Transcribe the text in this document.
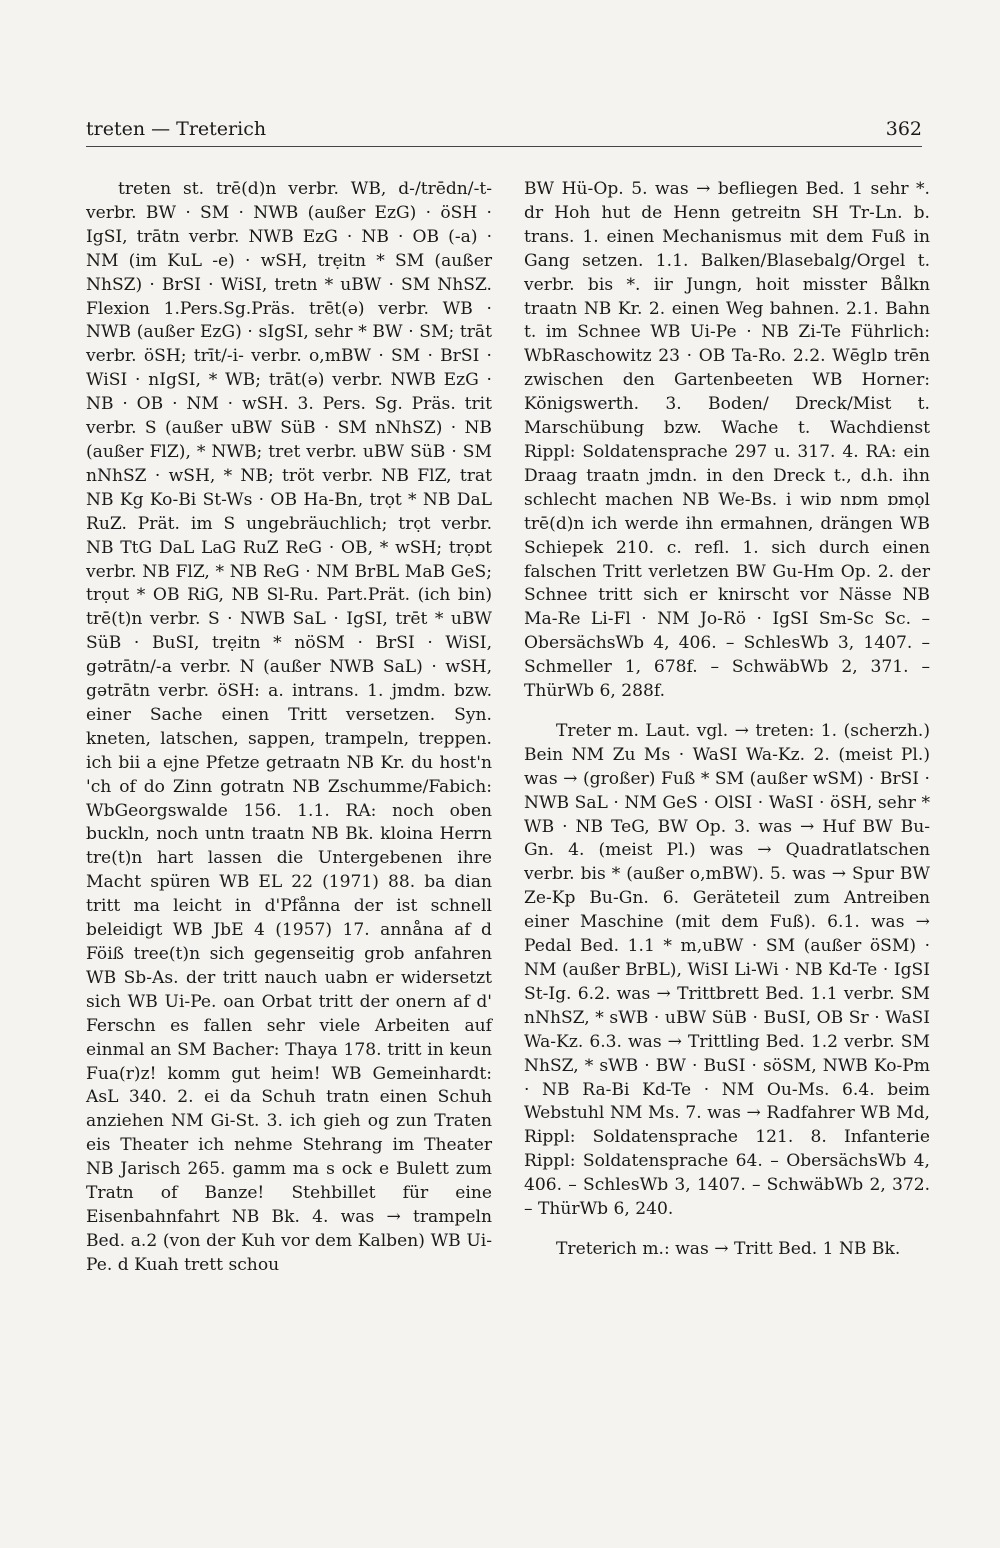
treten — Treterich	362

treten st. trē(d)n verbr. WB, d-/trēdn/-t-verbr. BW · SM · NWB (außer EzG) · öSH · IgSI, trātn verbr. NWB EzG · NB · OB (-a) · NM (im KuL -e) · wSH, trẹitn * SM (außer NhSZ) · BrSI · WiSI, tretn * uBW · SM NhSZ. Flexion 1.Pers.Sg.Präs. trēt(ə) verbr. WB · NWB (außer EzG) · sIgSI, sehr * BW · SM; trāt verbr. öSH; trīt/-i- verbr. o,mBW · SM · BrSI · WiSI · nIgSI, * WB; trāt(ə) verbr. NWB EzG · NB · OB · NM · wSH. 3. Pers. Sg. Präs. trit verbr. S (außer uBW SüB · SM nNhSZ) · NB (außer FlZ), * NWB; tret verbr. uBW SüB · SM nNhSZ · wSH, * NB; tröt verbr. NB FlZ, trat NB Kg Ko-Bi St-Ws · OB Ha-Bn, trọt * NB DaL RuZ. Prät. im S ungebräuchlich; trọt verbr. NB TtG DaL LaG RuZ ReG · OB, * wSH; trọɒt verbr. NB FlZ, * NB ReG · NM BrBL MaB GeS; trọut * OB RiG, NB Sl-Ru. Part.Prät. (ich bin) trē(t)n verbr. S · NWB SaL · IgSI, trēt * uBW SüB · BuSI, trẹitn * nöSM · BrSI · WiSI, gətrātn/-a verbr. N (außer NWB SaL) · wSH, gətrātn verbr. öSH: a. intrans. 1. jmdm. bzw. einer Sache einen Tritt versetzen. Syn. kneten, latschen, sappen, trampeln, treppen. ich bii a ejne Pfetze getraatn NB Kr. du host'n 'ch of do Zinn gotratn NB Zschumme/Fabich: WbGeorgswalde 156. 1.1. RA: noch oben buckln, noch untn traatn NB Bk. kloina Herrn tre(t)n hart lassen die Untergebenen ihre Macht spüren WB EL 22 (1971) 88. ba dian tritt ma leicht in d'Pfånna der ist schnell beleidigt WB JbE 4 (1957) 17. annåna af d Föiß tree(t)n sich gegenseitig grob anfahren WB Sb-As. der tritt nauch uabn er widersetzt sich WB Ui-Pe. oan Orbat tritt der onern af d' Ferschn es fallen sehr viele Arbeiten auf einmal an SM Bacher: Thaya 178. tritt in keun Fua(r)z! komm gut heim! WB Gemeinhardt: AsL 340. 2. ei da Schuh tratn einen Schuh anziehen NM Gi-St. 3. ich gieh og zun Traten eis Theater ich nehme Stehrang im Theater NB Jarisch 265. gamm ma s ock e Bulett zum Tratn of Banze! Stehbillet für eine Eisenbahnfahrt NB Bk. 4. was → trampeln Bed. a.2 (von der Kuh vor dem Kalben) WB Ui-Pe. d Kuah trett schou

BW Hü-Op. 5. was → befliegen Bed. 1 sehr *. dr Hoh hut de Henn getreitn SH Tr-Ln. b. trans. 1. einen Mechanismus mit dem Fuß in Gang setzen. 1.1. Balken/Blasebalg/Orgel t. verbr. bis *. iir Jungn, hoit misster Bålkn traatn NB Kr. 2. einen Weg bahnen. 2.1. Bahn t. im Schnee WB Ui-Pe · NB Zi-Te Führlich: WbRaschowitz 23 · OB Ta-Ro. 2.2. Wēglɒ trēn zwischen den Gartenbeeten WB Horner: Königswerth. 3. Boden/ Dreck/Mist t. Marschübung bzw. Wache t. Wachdienst Rippl: Soldatensprache 297 u. 317. 4. RA: ein Draag traatn jmdn. in den Dreck t., d.h. ihn schlecht machen NB We-Bs. i wiɒ nɒm ɒmọl trē(d)n ich werde ihn ermahnen, drängen WB Schiepek 210. c. refl. 1. sich durch einen falschen Tritt verletzen BW Gu-Hm Op. 2. der Schnee tritt sich er knirscht vor Nässe NB Ma-Re Li-Fl · NM Jo-Rö · IgSI Sm-Sc Sc. – ObersächsWb 4, 406. – SchlesWb 3, 1407. – Schmeller 1, 678f. – SchwäbWb 2, 371. – ThürWb 6, 288f.

Treter m. Laut. vgl. → treten: 1. (scherzh.) Bein NM Zu Ms · WaSI Wa-Kz. 2. (meist Pl.) was → (großer) Fuß * SM (außer wSM) · BrSI · NWB SaL · NM GeS · OlSI · WaSI · öSH, sehr * WB · NB TeG, BW Op. 3. was → Huf BW Bu-Gn. 4. (meist Pl.) was → Quadratlatschen verbr. bis * (außer o,mBW). 5. was → Spur BW Ze-Kp Bu-Gn. 6. Geräteteil zum Antreiben einer Maschine (mit dem Fuß). 6.1. was → Pedal Bed. 1.1 * m,uBW · SM (außer öSM) · NM (außer BrBL), WiSI Li-Wi · NB Kd-Te · IgSI St-Ig. 6.2. was → Trittbrett Bed. 1.1 verbr. SM nNhSZ, * sWB · uBW SüB · BuSI, OB Sr · WaSI Wa-Kz. 6.3. was → Trittling Bed. 1.2 verbr. SM NhSZ, * sWB · BW · BuSI · söSM, NWB Ko-Pm · NB Ra-Bi Kd-Te · NM Ou-Ms. 6.4. beim Webstuhl NM Ms. 7. was → Radfahrer WB Md, Rippl: Soldatensprache 121. 8. Infanterie Rippl: Soldatensprache 64. – ObersächsWb 4, 406. – SchlesWb 3, 1407. – SchwäbWb 2, 372. – ThürWb 6, 240.

Treterich m.: was → Tritt Bed. 1 NB Bk.
